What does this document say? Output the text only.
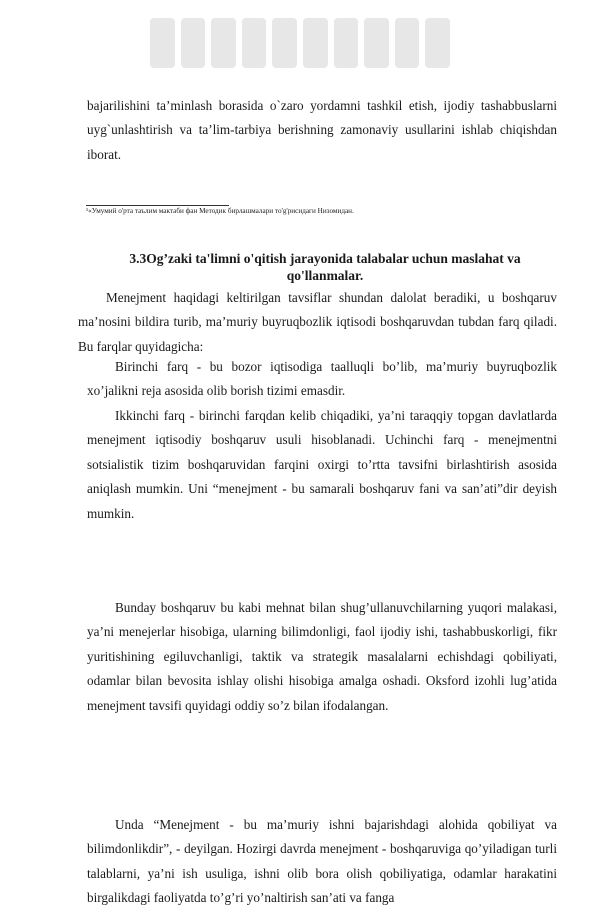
bajarilishini ta’minlash borasida o`zaro yordamni tashkil etish, ijodiy tashabbuslarni uyg`unlashtirish va ta’lim-tarbiya berishning zamonaviy usullarini ishlab chiqishdan iborat.

¹«Умумий о'рта таълим мактаби фан Методик бирлашмалари то'g'рисидаги Низомидан.
3.3Og’zaki ta'limni o'qitish jarayonida talabalar uchun maslahat va qo'llanmalar.

Menejment haqidagi keltirilgan tavsiflar shundan dalolat beradiki, u boshqaruv ma’nosini bildira turib, ma’muriy buyruqbozlik iqtisodi boshqaruvdan tubdan farq qiladi. Bu farqlar quyidagicha:

Birinchi farq - bu bozor iqtisodiga taalluqli bo’lib, ma’muriy buyruqbozlik xo’jalikni reja asosida olib borish tizimi emasdir.

Ikkinchi farq - birinchi farqdan kelib chiqadiki, ya’ni taraqqiy topgan davlatlarda menejment iqtisodiy boshqaruv usuli hisoblanadi. Uchinchi farq - menejmentni sotsialistik tizim boshqaruvidan farqini oxirgi to’rtta tavsifni birlashtirish asosida aniqlash mumkin. Uni “menejment - bu samarali boshqaruv fani va san’ati”dir deyish mumkin.

Bunday boshqaruv bu kabi mehnat bilan shug’ullanuvchilarning yuqori malakasi, ya’ni menejerlar hisobiga, ularning bilimdonligi, faol ijodiy ishi, tashabbuskorligi, fikr yuritishining egiluvchanligi, taktik va strategik masalalarni echishdagi qobiliyati, odamlar bilan bevosita ishlay olishi hisobiga amalga oshadi. Oksford izohli lug’atida menejment tavsifi quyidagi oddiy so’z bilan ifodalangan.

Unda “Menejment - bu ma’muriy ishni bajarishdagi alohida qobiliyat va bilimdonlikdir”, - deyilgan. Hozirgi davrda menejment - boshqaruviga qo’yiladigan turli talablarni, ya’ni ish usuliga, ishni olib bora olish qobiliyatiga, odamlar harakatini birgalikdagi faoliyatda to’g’ri yo’naltirish san’ati va fanga
